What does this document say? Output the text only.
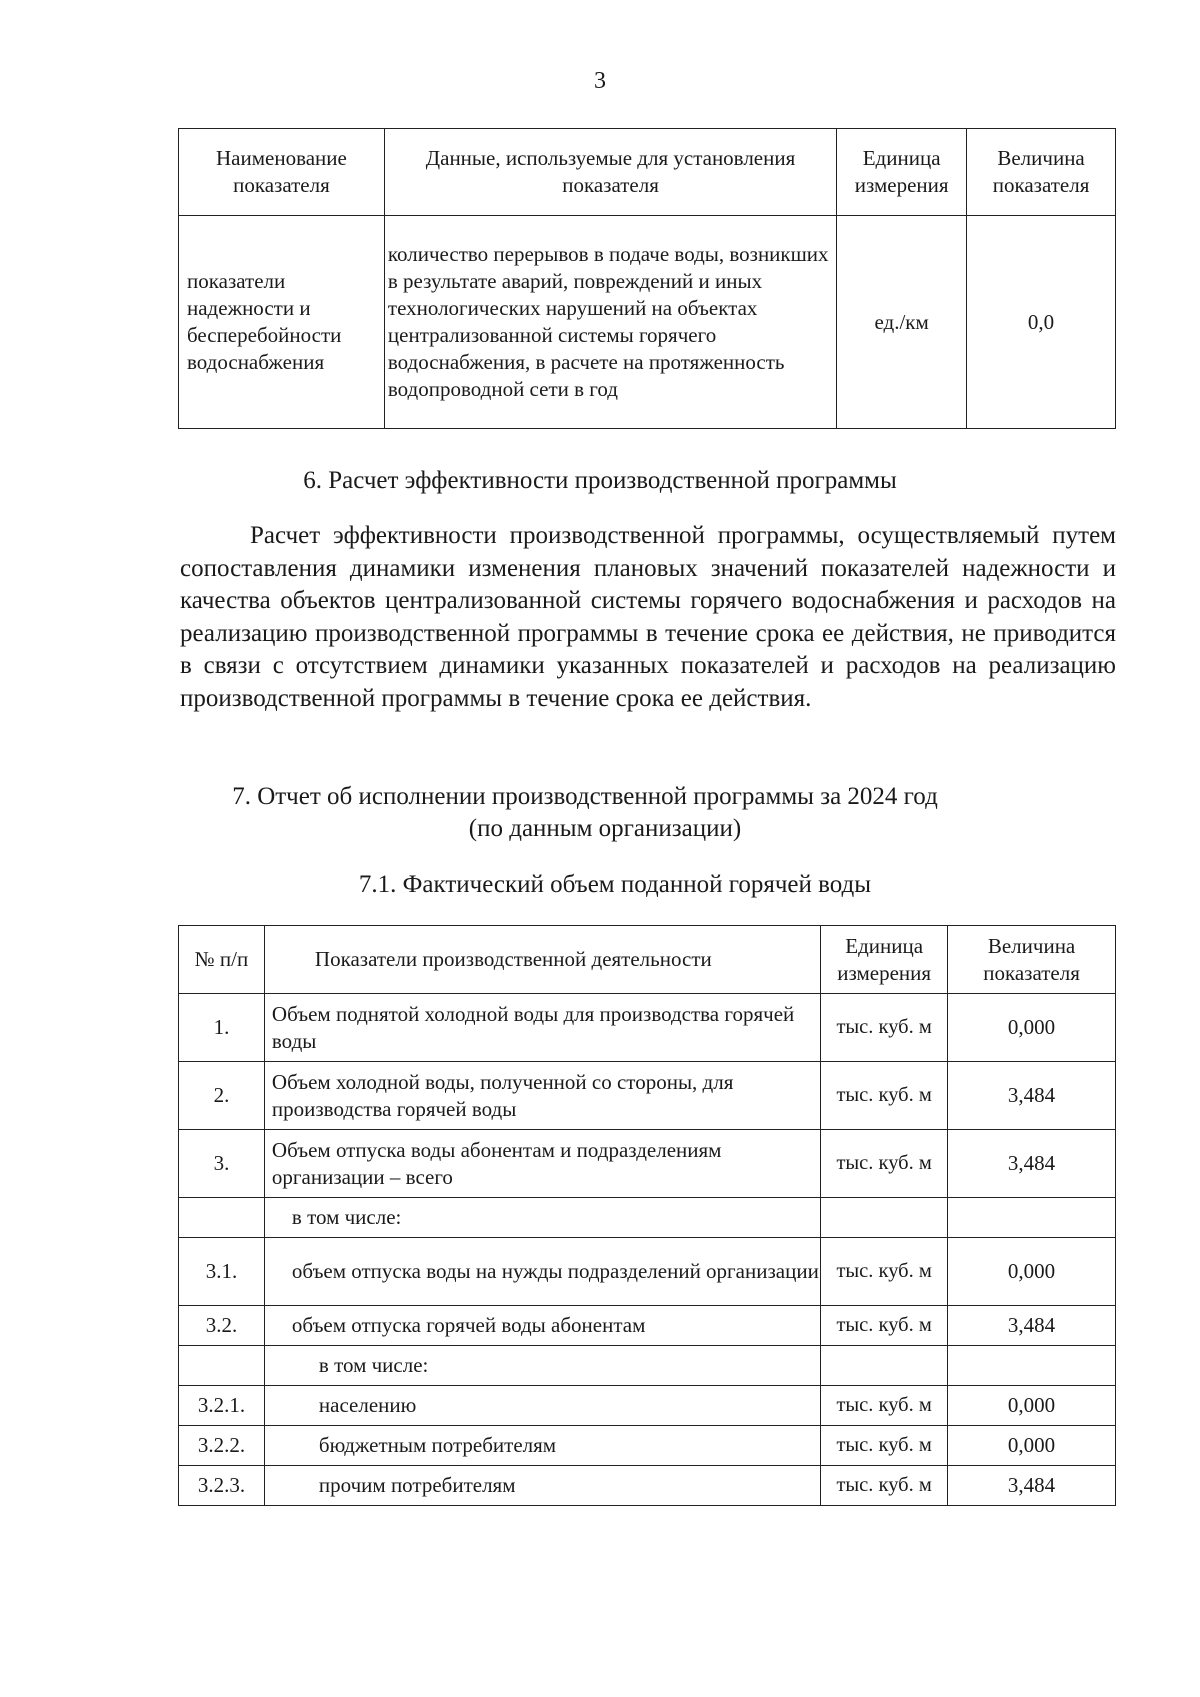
3
Наименование показателя	Данные, используемые для установления показателя	Единица измерения	Величина показателя
показатели надежности и бесперебойности водоснабжения	количество перерывов в подаче воды, возникших в результате аварий, повреждений и иных технологических нарушений на объектах централизованной системы горячего водоснабжения, в расчете на протяженность водопроводной сети в год	ед./км	0,0
6. Расчет эффективности производственной программы
Расчет эффективности производственной программы, осуществляемый путем сопоставления динамики изменения плановых значений показателей надежности и качества объектов централизованной системы горячего водоснабжения и расходов на реализацию производственной программы в течение срока ее действия, не приводится в связи с отсутствием динамики указанных показателей и расходов на реализацию производственной программы в течение срока ее действия.
7. Отчет об исполнении производственной программы за 2024 год
(по данным организации)
7.1. Фактический объем поданной горячей воды
№ п/п	Показатели производственной деятельности	Единица измерения	Величина показателя
1.	Объем поднятой холодной воды для производства горячей воды	тыс. куб. м	0,000
2.	Объем холодной воды, полученной со стороны, для производства горячей воды	тыс. куб. м	3,484
3.	Объем отпуска воды абонентам и подразделениям организации – всего	тыс. куб. м	3,484
	в том числе:		
3.1.	объем отпуска воды на нужды подразделений организации	тыс. куб. м	0,000
3.2.	объем отпуска горячей воды абонентам	тыс. куб. м	3,484
	в том числе:		
3.2.1.	населению	тыс. куб. м	0,000
3.2.2.	бюджетным потребителям	тыс. куб. м	0,000
3.2.3.	прочим потребителям	тыс. куб. м	3,484
